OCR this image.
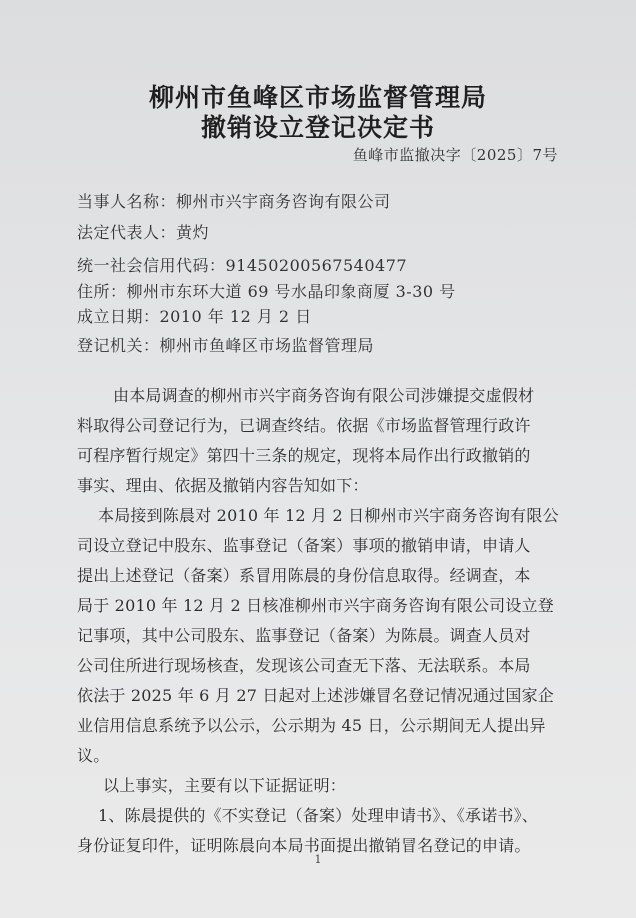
柳州市鱼峰区市场监督管理局
撤销设立登记决定书
鱼峰市监撤决字〔2025〕7号
当事人名称：柳州市兴宇商务咨询有限公司
法定代表人：黄灼
统一社会信用代码：9145020056754047​7
住所：柳州市东环大道 69 号水晶印象商厦 3-30 号
成立日期：2010 年 12 月 2 日
登记机关：柳州市鱼峰区市场监督管理局
由本局调查的柳州市兴宇商务咨询有限公司涉嫌提交虚假材
料取得公司登记行为，已调查终结。依据《市场监督管理行政许
可程序暂行规定》第四十三条的规定，现将本局作出行政撤销的
事实、理由、依据及撤销内容告知如下：
本局接到陈晨对 2010 年 12 月 2 日柳州市兴宇商务咨询有限公
司设立登记中股东、监事登记（备案）事项的撤销申请，申请人
提出上述登记（备案）系冒用陈晨的身份信息取得。经调查，本
局于 2010 年 12 月 2 日核准柳州市兴宇商务咨询有限公司设立登
记事项，其中公司股东、监事登记（备案）为陈晨。调查人员对
公司住所进行现场核查，发现该公司查无下落、无法联系。本局
依法于 2025 年 6 月 27 日起对上述涉嫌冒名登记情况通过国家企
业信用信息系统予以公示，公示期为 45 日，公示期间无人提出异
议。
以上事实，主要有以下证据证明：
1、陈晨提供的《不实登记（备案）处理申请书》、《承诺书》、
身份证复印件，证明陈晨向本局书面提出撤销冒名登记的申请。
1
